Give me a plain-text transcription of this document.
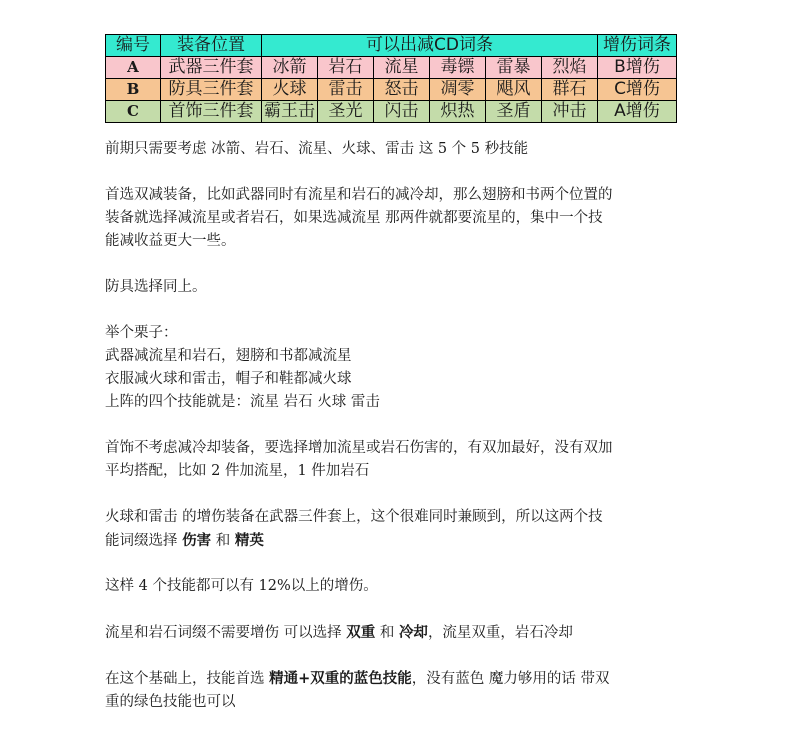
编号	装备位置	可以出减CD词条						增伤词条
A	武器三件套	冰箭	岩石	流星	毒镖	雷暴	烈焰	B增伤
B	防具三件套	火球	雷击	怒击	凋零	飓风	群石	C增伤
C	首饰三件套	霸王击	圣光	闪击	炽热	圣盾	冲击	A增伤

前期只需要考虑 冰箭、岩石、流星、火球、雷击 这 5 个 5 秒技能

首选双减装备，比如武器同时有流星和岩石的减冷却，那么翅膀和书两个位置的
装备就选择减流星或者岩石，如果选减流星 那两件就都要流星的，集中一个技
能减收益更大一些。

防具选择同上。

举个栗子：
武器减流星和岩石，翅膀和书都减流星
衣服减火球和雷击，帽子和鞋都减火球
上阵的四个技能就是：流星 岩石 火球 雷击

首饰不考虑减冷却装备，要选择增加流星或岩石伤害的，有双加最好，没有双加
平均搭配，比如 2 件加流星，1 件加岩石

火球和雷击 的增伤装备在武器三件套上，这个很难同时兼顾到，所以这两个技
能词缀选择 伤害 和 精英

这样 4 个技能都可以有 12%以上的增伤。

流星和岩石词缀不需要增伤 可以选择 双重 和 冷却，流星双重，岩石冷却

在这个基础上，技能首选 精通+双重的蓝色技能，没有蓝色 魔力够用的话 带双
重的绿色技能也可以
